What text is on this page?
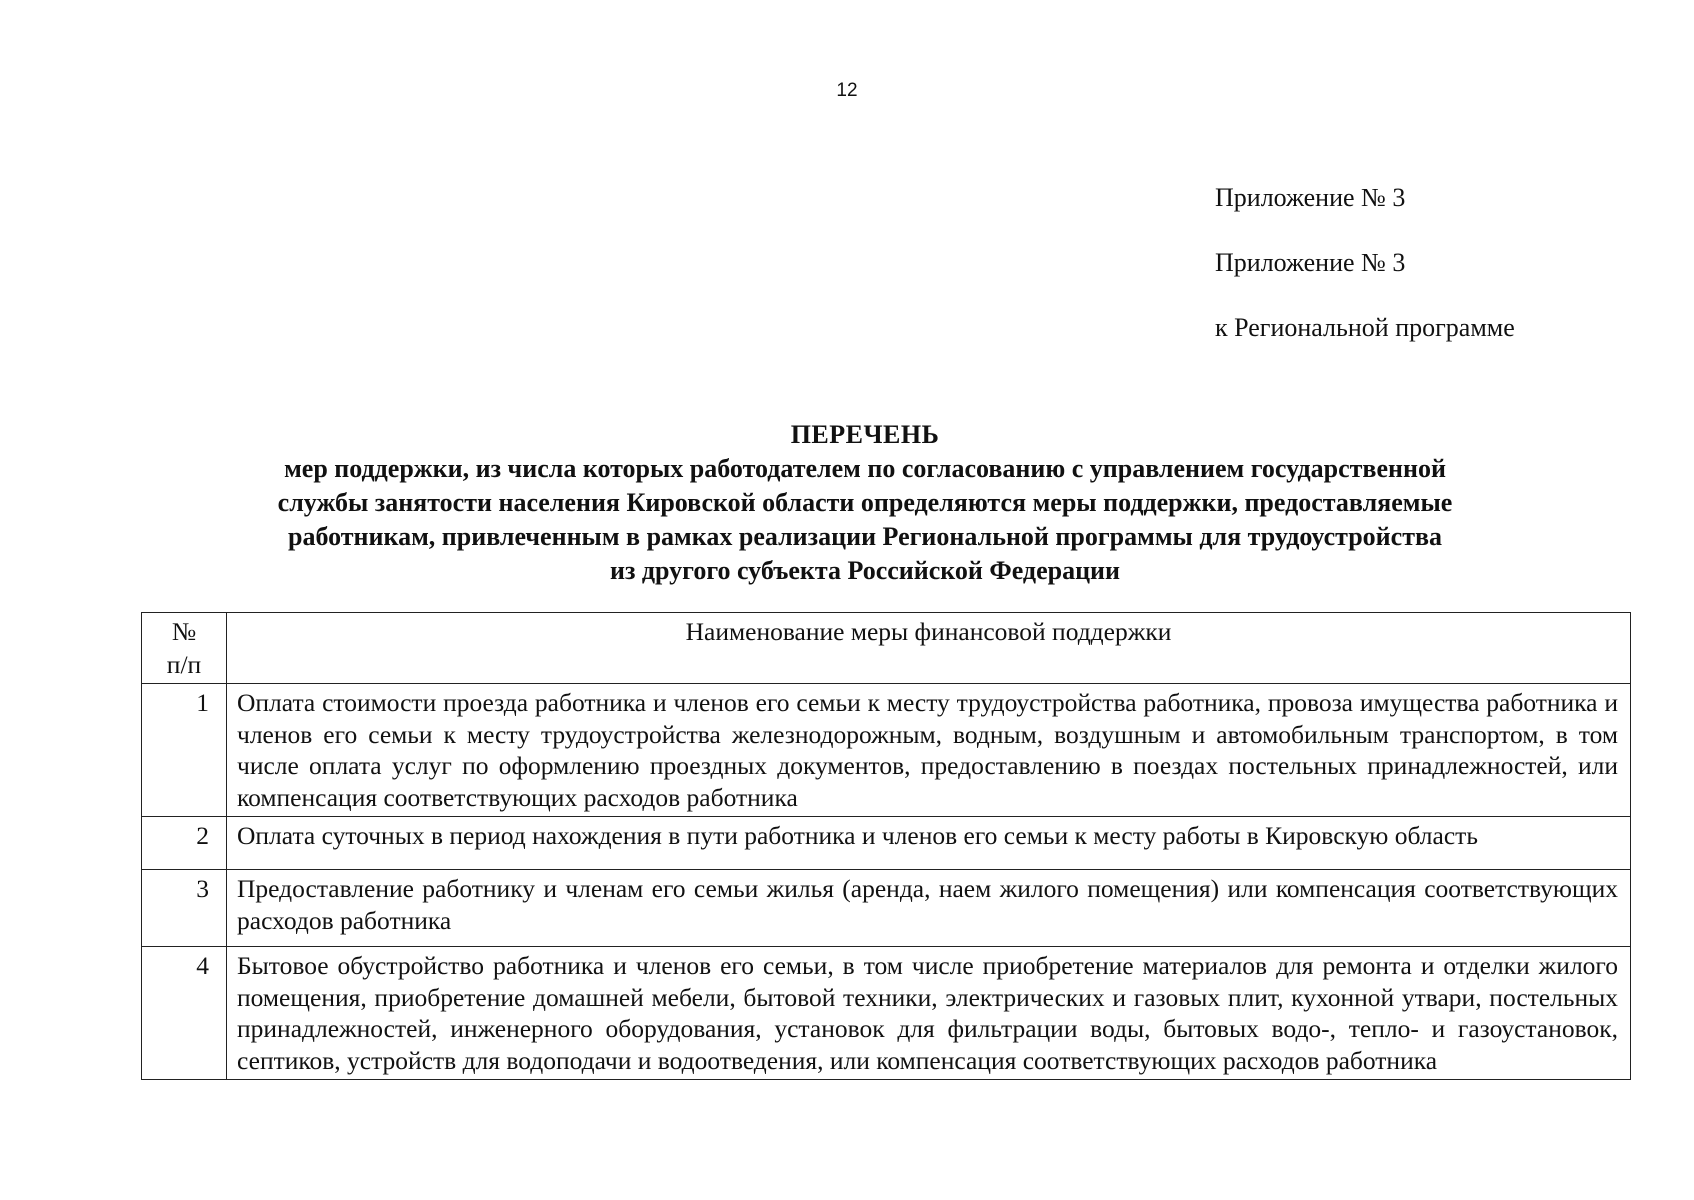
12
Приложение № 3
Приложение № 3
к Региональной программе
ПЕРЕЧЕНЬ
мер поддержки, из числа которых работодателем по согласованию с управлением государственной
службы занятости населения Кировской области определяются меры поддержки, предоставляемые
работникам, привлеченным в рамках реализации Региональной программы для трудоустройства
из другого субъекта Российской Федерации
№
п/п	Наименование меры финансовой поддержки
1	Оплата стоимости проезда работника и членов его семьи к месту трудоустройства работника, провоза имущества работника и членов его семьи к месту трудоустройства железнодорожным, водным, воздушным и автомобильным транспортом, в том числе оплата услуг по оформлению проездных документов, предоставлению в поездах постельных принадлежностей, или компенсация соответствующих расходов работника
2	Оплата суточных в период нахождения в пути работника и членов его семьи к месту работы в Кировскую область
3	Предоставление работнику и членам его семьи жилья (аренда, наем жилого помещения) или компенсация соответствующих расходов работника
4	Бытовое обустройство работника и членов его семьи, в том числе приобретение материалов для ремонта и отделки жилого помещения, приобретение домашней мебели, бытовой техники, электрических и газовых плит, кухонной утвари, постельных принадлежностей, инженерного оборудования, установок для фильтрации воды, бытовых водо-, тепло- и газоустановок, септиков, устройств для водоподачи и водоотведения, или компенсация соответствующих расходов работника
